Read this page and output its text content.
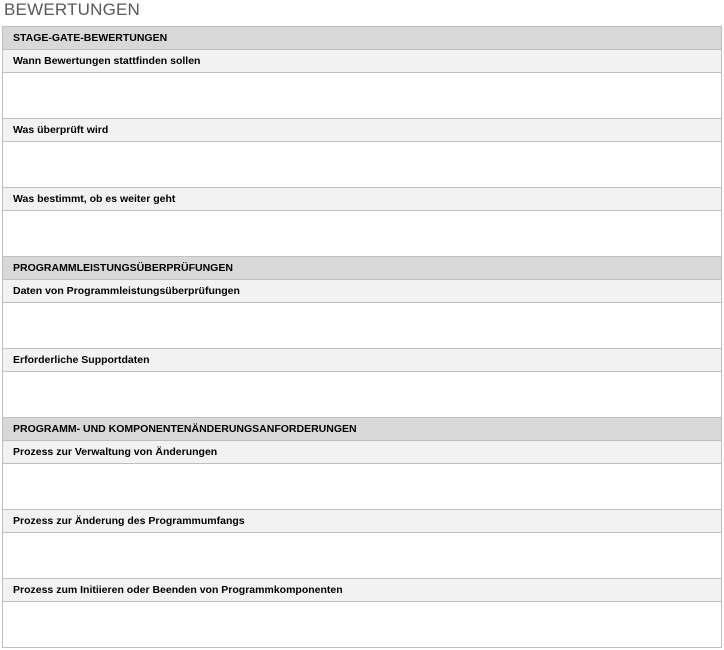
BEWERTUNGEN
STAGE-GATE-BEWERTUNGEN
Wann Bewertungen stattfinden sollen

Was überprüft wird

Was bestimmt, ob es weiter geht

PROGRAMMLEISTUNGSÜBERPRÜFUNGEN
Daten von Programmleistungsüberprüfungen

Erforderliche Supportdaten

PROGRAMM- UND KOMPONENTENÄNDERUNGSANFORDERUNGEN
Prozess zur Verwaltung von Änderungen

Prozess zur Änderung des Programmumfangs

Prozess zum Initiieren oder Beenden von Programmkomponenten
